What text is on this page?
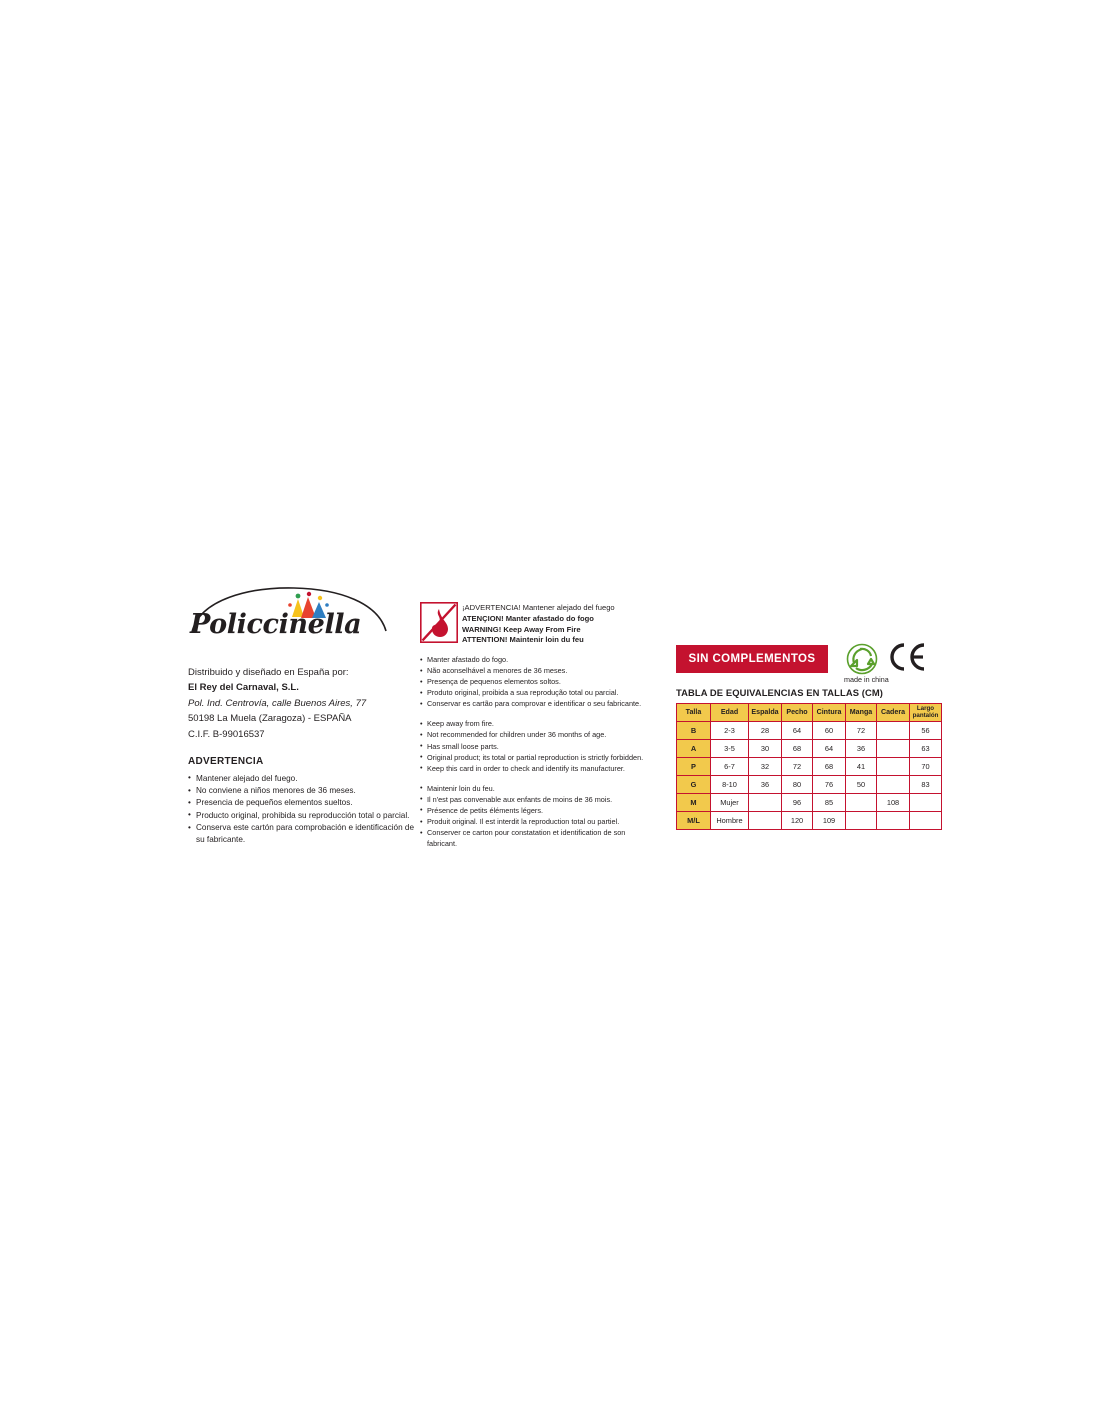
Policcinella
Distribuido y diseñado en España por:
El Rey del Carnaval, S.L.
Pol. Ind. Centrovía, calle Buenos Aires, 77
50198 La Muela (Zaragoza) - ESPAÑA
C.I.F. B-99016537
ADVERTENCIA
• Mantener alejado del fuego.
• No conviene a niños menores de 36 meses.
• Presencia de pequeños elementos sueltos.
• Producto original, prohibida su reproducción total o parcial.
• Conserva este cartón para comprobación e identificación de su fabricante.
¡ADVERTENCIA! Mantener alejado del fuego
ATENÇION! Manter afastado do fogo
WARNING! Keep Away From Fire
ATTENTION! Maintenir loin du feu
• Manter afastado do fogo.
• Não aconselhável a menores de 36 meses.
• Presença de pequenos elementos soltos.
• Produto original, proibida a sua reprodução total ou parcial.
• Conservar es cartão para comprovar e identificar o seu fabricante.
• Keep away from fire.
• Not recommended for children under 36 months of age.
• Has small loose parts.
• Original product; its total or partial reproduction is strictly forbidden.
• Keep this card in order to check and identify its manufacturer.
• Maintenir loin du feu.
• Il n'est pas convenable aux enfants de moins de 36 mois.
• Présence de petits éléments légers.
• Produit original. Il est interdit la reproduction total ou partiel.
• Conserver ce carton pour constatation et identification de son fabricant.
SIN COMPLEMENTOS
made in china
TABLA DE EQUIVALENCIAS EN TALLAS (CM)
Talla	Edad	Espalda	Pecho	Cintura	Manga	Cadera	Largo
pantalón

B	2-3	28	64	60	72		56
A	3-5	30	68	64	36		63
P	6-7	32	72	68	41		70
G	8-10	36	80	76	50		83
M	Mujer		96	85		108	
M/L	Hombre		120	109			
